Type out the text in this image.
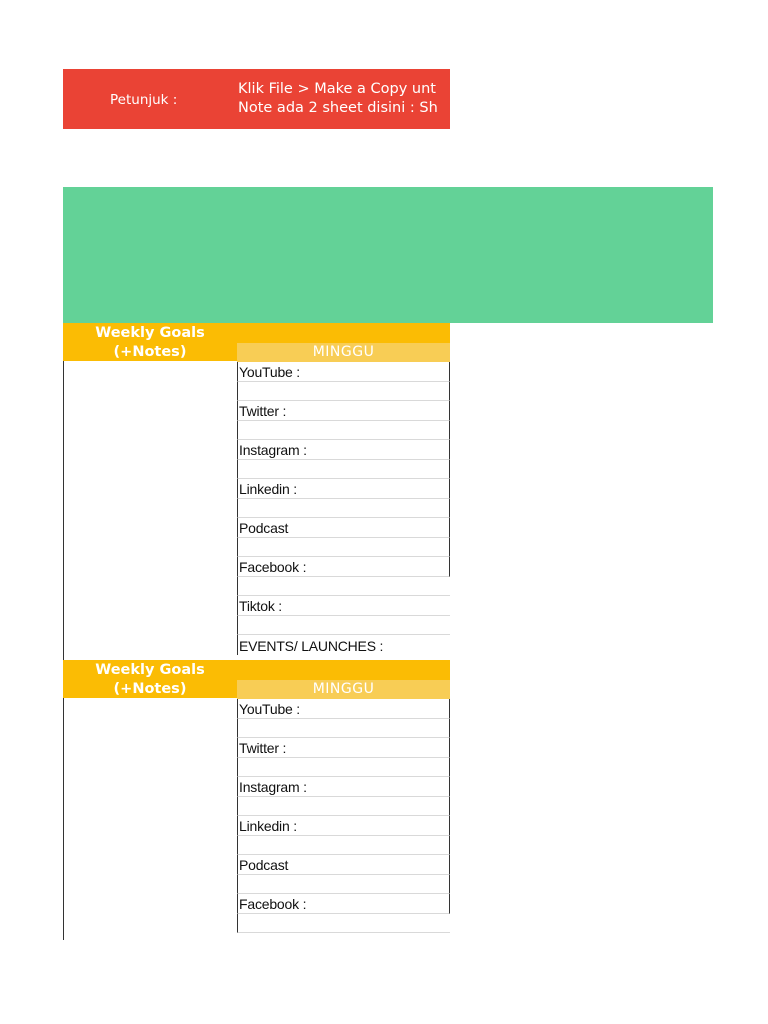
Petunjuk :
Klik File > Make a Copy unt
Note ada 2 sheet disini : Sh
Weekly Goals
(+Notes)	MINGGU
YouTube :
Twitter :
Instagram :
Linkedin :
Podcast
Facebook :
Tiktok :
EVENTS/ LAUNCHES :
Weekly Goals
(+Notes)	MINGGU
YouTube :
Twitter :
Instagram :
Linkedin :
Podcast
Facebook :
